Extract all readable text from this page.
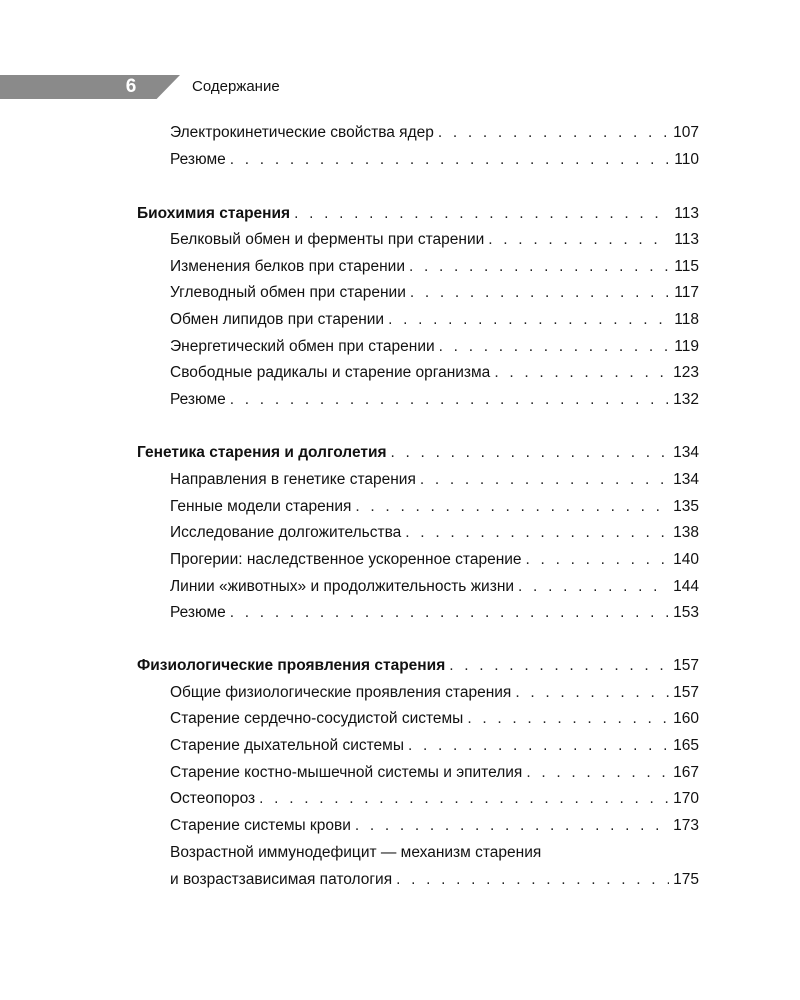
6	Содержание
Электрокинетические свойства ядер . . .	107
Резюме . . .	110
Биохимия старения . . .	113
Белковый обмен и ферменты при старении . . .	113
Изменения белков при старении . . .	115
Углеводный обмен при старении . . .	117
Обмен липидов при старении . . .	118
Энергетический обмен при старении . . .	119
Свободные радикалы и старение организма . . .	123
Резюме . . .	132
Генетика старения и долголетия . . .	134
Направления в генетике старения . . .	134
Генные модели старения . . .	135
Исследование долгожительства . . .	138
Прогерии: наследственное ускоренное старение . . .	140
Линии «животных» и продолжительность жизни . . .	144
Резюме . . .	153
Физиологические проявления старения . . .	157
Общие физиологические проявления старения . . .	157
Старение сердечно-сосудистой системы . . .	160
Старение дыхательной системы . . .	165
Старение костно-мышечной системы и эпителия . . .	167
Остеопороз . . .	170
Старение системы крови . . .	173
Возрастной иммунодефицит — механизм старения
и возрастзависимая патология . . .	175
